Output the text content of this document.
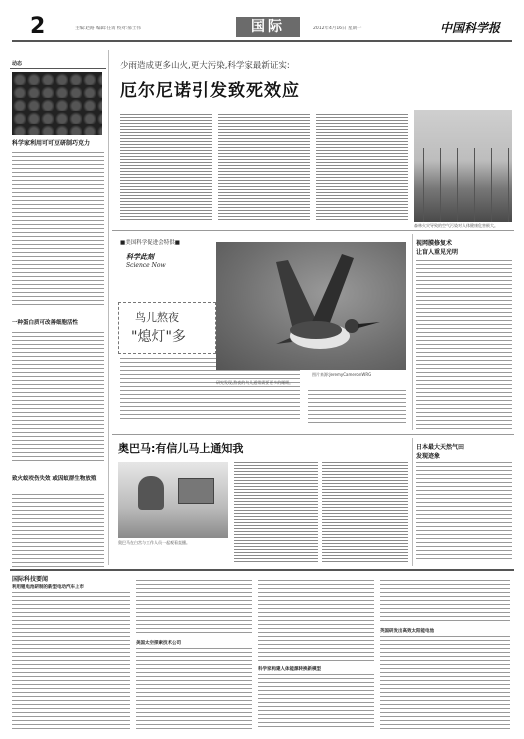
2	主编:赵路 编辑:任霄 校对:郝士伟	国际	2012年4月16日 星期一	中国科学报
动态
科学家利用可可豆研制巧克力
一种蛋白质可改善细胞活性
致火蚁咬伤失效 或因蚁群生物放殖
少雨造成更多山火,更大污染,科学家最新证实:
厄尔尼诺引发致死效应
森林火灾导致的空气污染对人体健康危害极大。
■美国科学促进会特供■
科学此刻
Science Now
鸟儿熬夜
"熄灯"多
图片来源:JeremyCameronWRG
研究发现,熬夜的鸟儿通常需要更多的睡眠。
视网膜修复术
让盲人重见光明
奥巴马:有信儿马上通知我
奥巴马在白宫与工作人员一起观看直播。
日本最大天然气田
发现迹象
国际科技要闻
利用锂电池研制的新型电动汽车上市
美国太空探索技术公司
科学家构建人体能源转换新模型
英国研发出高效太阳能电池
